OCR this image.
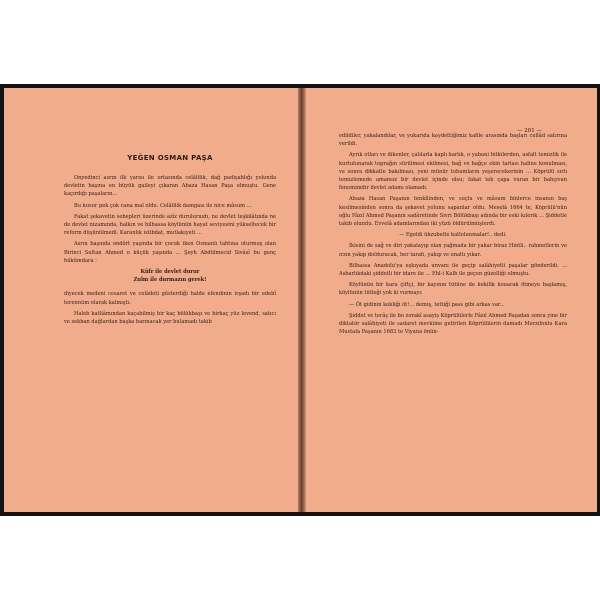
YEĞEN OSMAN PAŞA

Onyedinci asrın ilk yarısı ile ortasında celâlilik, dağ padişahlığı yolunda devletin başına en büyük gaileyi çıkaran Abaza Hasan Paşa olmuştu. Gene kaçırdığı paşaların...

Bu kusur pek çok cana mal oldu. Celâlilik damgası ile nice mâsum ...

Fakat şekavetin sebepleri üzerinde azîz duruluruıdı, ne devlet teşkilâtında ne de devlet nizamında, halkın ve hilhassa köylünün hayat seviyesini yükseltecek bir reform düşünülmedi. Karanlık istibdat, mutlakıyeti ...

Asrın başında ondört yaşında bir çocuk iken Osmanlı tahtına oturmuş olan Birinci Sultan Ahmed o küçük yaşında ... Şeyh Abdülmecid Sivâsî bu genç hükümdara :

Küfr ile devlet durur
Zulm ile durmazın gerek!

diyecek medeni cesaret ve celâdeti gösterdiği halde efendinin irşadı bir edebî terennüm olarak kalmıştı.

Haleb katliâmından kaçabilmiş bir kaç bölükbaşı ve birkaç yüz levend, satıcı ve sekban dağlardan başka barınacak yer bulamadı takib

— 201 —

edildiler, yakalandılar, ve yukarıda kaydettiğimiz kafile arasında başları cellâd satırına verildi.

Ayrık otları ve dikenler, çalılarla kaplı karlık, o yabani bitkilerden, asfalt temizlik ile kurtulunarak toprağın sürülmesi ekilmesi, bağ ve bağçe ekin tarlası haline konulması, ve sonra dikkatle bakılması, yeni münür tohumların yeşerecekerinin ... Köprülü sırlı temizlemede amansız bir devlet içinde olsu; fakat tek çapa vuran bir bahçıvan fenomimdir devlet adamı olamadı.

Abaza Hasan Paşanın tenkîlinden, ve suçlu ve mâsum binlerce insanın baş kesilmesinden sonra da şekavet yolunu sapanlar oldu. Meselâ 1664 te, Köprülü'nün oğlu Fâzıl Ahmed Paşanın sadâretinde Sivri Bölükbaşı adında bir eski kılerik ... Şiddetle takib olundu. Evvelâ adamlarından iki yüzü öldürülmüşlerdi.

— Egeldi ükzubetle katlolunmalar!.. dedi.

İkisini de sağ ve diri yakalayıp olan yağmada bir yakar biraz Hintli.. rahmetlerin ve ırzın yakıp dolduracak, her tarafı, yakıp ve onaltı yıkar.

Bilhassa Anadolu'ya eşkıyada unvanı ile geçip salâhiyetli paşalar gönderildi. ... Asbarlıkdaki şiddetli bir idare ile ... Ehl-i Kalb ile geçen güzelliği olmuştu.

Köylünün bir kara çiftçi, bir kayının tütüne de kekilik kouarak ötmeye başlamış, köylünün tütleği yok ki vurmayı:

— Öt gidinin kekliği öt!... demiş, tettiği pass gibi arkas var...

Şiddet ve terâş ile bu zorakî asayiş Köprülülerle Fâzıl Ahmed Paşadan sonra yine bir diktatör salâhiyeti ile sadaret mevkiine getirilen Köprülülerin damadı Merzifonlu Kara Mustafa Paşanın 1683 te Viyana önün-
